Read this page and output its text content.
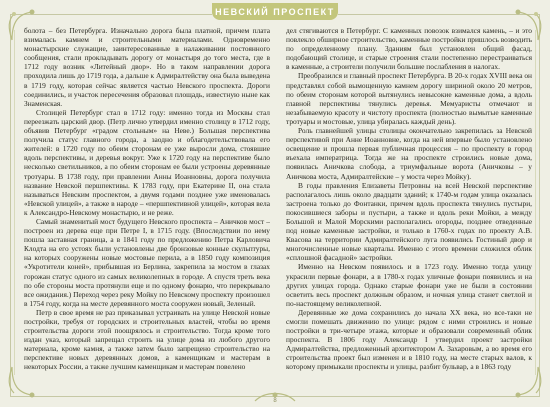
НЕВСКИЙ ПРОСПЕКТ

болота – без Петербурга. Изначально дорога была платной, причем плата взималась камнем и строительными материалами. Одновременно монастырские служащие, заинтересованные в налаживании постоянного сообщения, стали прокладывать дорогу от монастыря до того места, где в 1712 году возник «Литейный двор». Но в таком направлении дорога проходила лишь до 1719 года, а дальше к Адмиралтейству она была выведена в 1719 году, которая сейчас является частью Невского проспекта. Дороги соединились, и участок пересечения образовал площадь, известную ныне как Знаменская.

Столицей Петербург стал в 1712 году: именно тогда из Москвы стал переезжать царский двор. (Петр лично утвердил именно столицу в 1712 году, объявив Петербург «градом стольным» на Неве.) Большая перспектива получила статус главного города, а заодно и облагодетельствовала его жителей: в 1720 году по обеим сторонам ее уже выросли дома, стоявшие вдоль перспективы, и деревья вокруг. Уже к 1720 году на перспективе было несколько светильников, а по обеим сторонам ее были устроены деревянные тротуары. В 1738 году, при правлении Анны Иоанновны, дорога получила название Невской першпективы. К 1783 году, при Екатерине II, она стала называться Невским проспектом, а двумя годами позднее уже именовалась «Невской улицей», а также в народе – «першпективной улицей», которая вела к Александро-Невскому монастырю, и не реже.

Самый знаменитый мост будущего Невского проспекта – Аничков мост – построен из дерева еще при Петре I, в 1715 году. (Впоследствии по нему пошла заставная граница, а в 1841 году по предложению Петра Карловича Клодта на его устоях были установлены две бронзовые конные скульптуры, на которых сооружены новые мостовые перила, а в 1850 году композиция «Укротители коней», прибывшая из Берлина, закрепила за мостом в глазах горожан статус одного из самых великолепных в городе. А спустя треть века по обе стороны моста протянули еще и по одному фонарю, что перекрывало все ожидания.) Переход через реку Мойку по Невскому проспекту произошел в 1754 году, когда на месте деревянного моста сооружен новый, Зеленый.

Петр в свое время не раз приказывал устраивать на улице Невской новые постройки, требуя от городских и строительных властей, чтобы во время строительства дороги этой поощрялось и строительство. Тогда кроме того издан указ, который запрещал строить на улице дома из любого другого материала, кроме камня, а также затем было запрещено строительство на перспективе новых деревянных домов, а каменщикам и мастерам в некоторых России, а также лучшим каменщикам и мастерам повелено

дел стягиваются в Петербург. С каменных повозок взимался камень, – и это повлекло обширное строительство, каменные постройки пришлось возводить по определенному плану. Зданиям был установлен общий фасад, подобающий столице, и старые строения стали постепенно перестраиваться в каменные, а строители получили большие послабления в налогах.

Преобразился и главный проспект Петербурга. В 20-х годах XVIII века он представлял собой вымощенную камнем дорогу шириной около 20 метров, по обеим сторонам которой вытянулись невысокие каменные дома, а вдоль главной перспективы тянулись деревья. Мемуаристы отмечают и незабываемую красоту и чистоту проспекта (полностью вымытые каменные тротуары и мостовые, улица убиралась каждый день).

Роль главнейшей улицы столицы окончательно закрепилась за Невской перспективой при Анне Иоанновне, когда на ней впервые было установлено освещение и прошла первая публичная процессия – по проспекту в город въехала императрица. Тогда же на проспекте строились новые дома, появилась Аничкова слобода, а триумфальные ворота (Аничковы – у Аничкова моста, Адмиралтейские – у моста через Мойку).

В годы правления Елизаветы Петровны на всей Невской перспективе располагалось лишь около двадцати зданий; к 1740-м годам улица оказалась застроена только до Фонтанки, причем вдоль проспекта тянулись пустыри, покосившиеся заборы и пустыри, а также и вдоль реки Мойки, а между Большой и Малой Морскими располагались огороды, позднее отведенные под новые каменные застройки, и только в 1760-х годах по проекту А.В. Квасова на территории Адмиралтейского луга появились Гостиный двор и многочисленные новые кварталы. Именно с этого времени сложился облик «сплошной фасадной» застройки.

Именно на Невском появилось и в 1723 году. Именно тогда улицу украсили первые фонари, а в 1780-х годах уличные фонари появились и на других улицах города. Однако старые фонари уже не были в состоянии осветить весь проспект должным образом, и ночная улица станет светлой и по-настоящему великолепной.

Деревянные же дома сохранились до начала XX века, но все-таки не смогли помешать движению по улице: рядом с ними строились и новые постройки в три-четыре этажа, которые и образовали современный облик проспекта. В 1806 году Александр I утвердил проект застройки Адмиралтейства, предложенный архитектором А. Захаровым, а во время его строительства проект был изменен и в 1810 году, на месте старых валов, к которому примыкали проспекты и улицы, разбит бульвар, а в 1863 году

8
